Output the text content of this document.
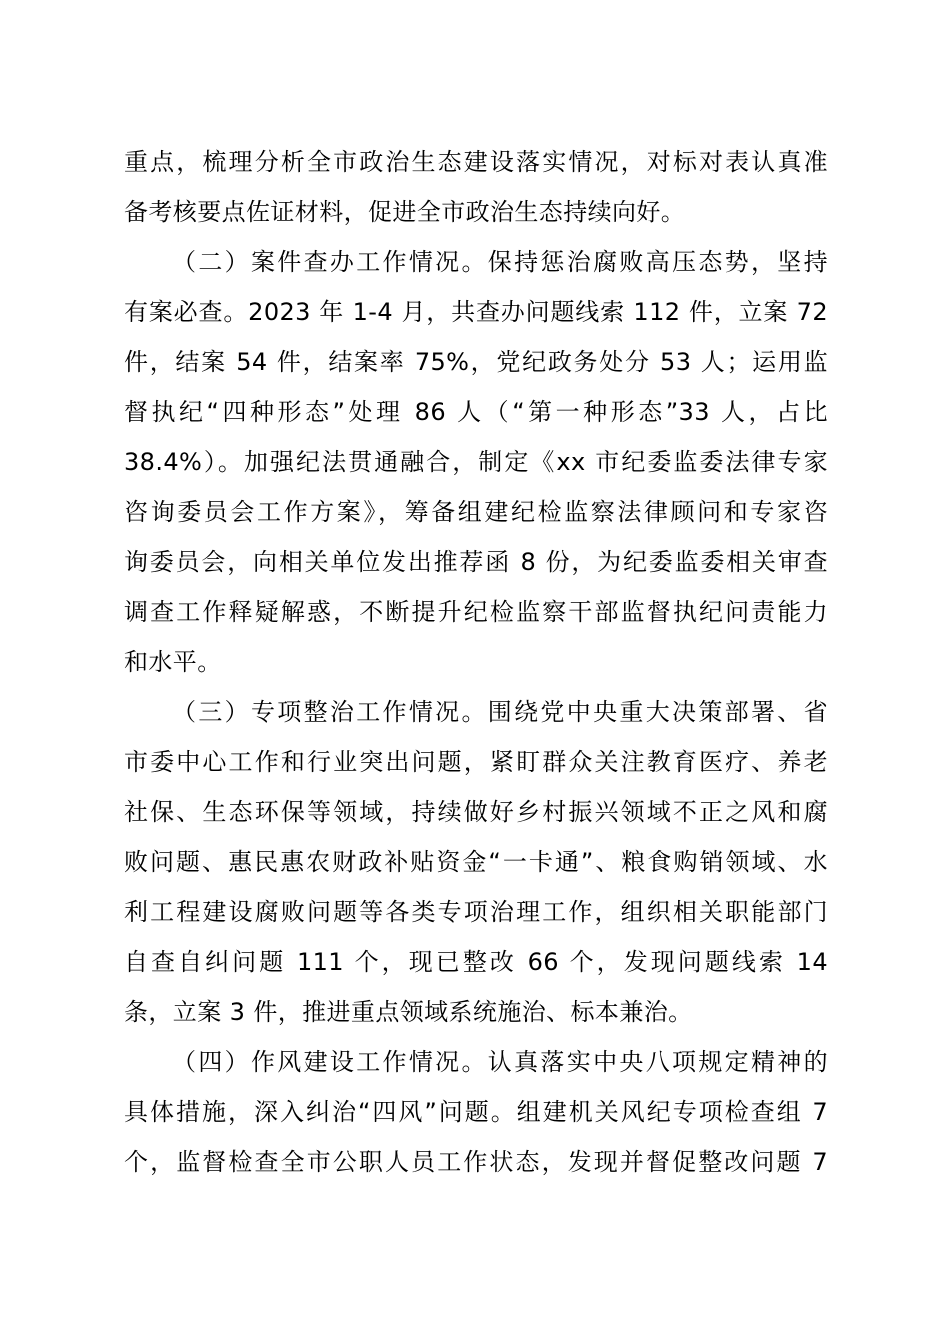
重点，梳理分析全市政治生态建设落实情况，对标对表认真准
备考核要点佐证材料，促进全市政治生态持续向好。
（二）案件查办工作情况。保持惩治腐败高压态势，坚持
有案必查。2023 年 1-4 月，共查办问题线索 112 件，立案 72
件，结案 54 件，结案率 75%，党纪政务处分 53 人；运用监
督执纪“四种形态”处理 86 人（“第一种形态”33 人，占比
38.4%）。加强纪法贯通融合，制定《xx 市纪委监委法律专家
咨询委员会工作方案》，筹备组建纪检监察法律顾问和专家咨
询委员会，向相关单位发出推荐函 8 份，为纪委监委相关审查
调查工作释疑解惑，不断提升纪检监察干部监督执纪问责能力
和水平。
（三）专项整治工作情况。围绕党中央重大决策部署、省
市委中心工作和行业突出问题，紧盯群众关注教育医疗、养老
社保、生态环保等领域，持续做好乡村振兴领域不正之风和腐
败问题、惠民惠农财政补贴资金“一卡通”、粮食购销领域、水
利工程建设腐败问题等各类专项治理工作，组织相关职能部门
自查自纠问题 111 个，现已整改 66 个，发现问题线索 14
条，立案 3 件，推进重点领域系统施治、标本兼治。
（四）作风建设工作情况。认真落实中央八项规定精神的
具体措施，深入纠治“四风”问题。组建机关风纪专项检查组 7
个，监督检查全市公职人员工作状态，发现并督促整改问题 7
